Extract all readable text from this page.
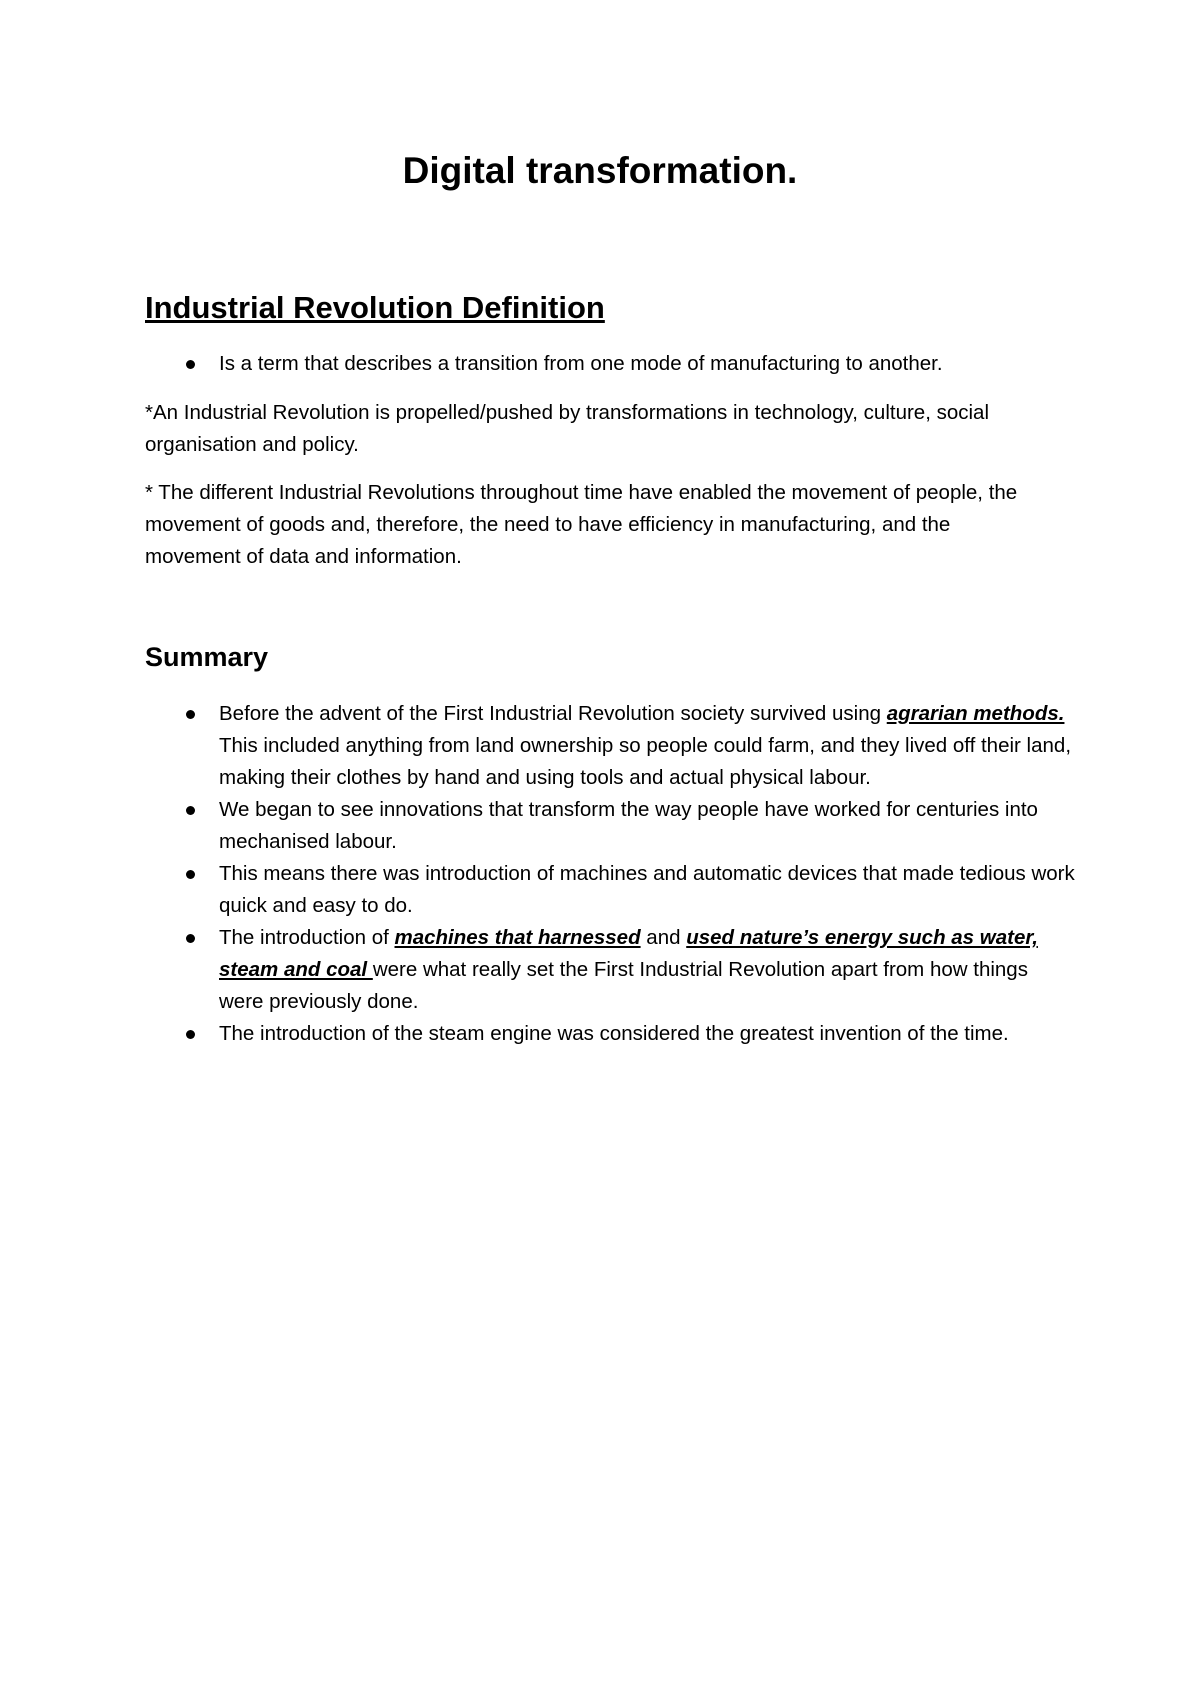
Digital transformation.
Industrial Revolution Definition
Is a term that describes a transition from one mode of manufacturing to another.

*An Industrial Revolution is propelled/pushed by transformations in technology, culture, social organisation and policy.

* The different Industrial Revolutions throughout time have enabled the movement of people, the movement of goods and, therefore, the need to have efficiency in manufacturing, and the movement of data and information.

Summary
Before the advent of the First Industrial Revolution society survived using agrarian methods. This included anything from land ownership so people could farm, and they lived off their land, making their clothes by hand and using tools and actual physical labour.
We began to see innovations that transform the way people have worked for centuries into mechanised labour.
This means there was introduction of machines and automatic devices that made tedious work quick and easy to do.
The introduction of machines that harnessed and used nature’s energy such as water, steam and coal were what really set the First Industrial Revolution apart from how things were previously done.
The introduction of the steam engine was considered the greatest invention of the time.
